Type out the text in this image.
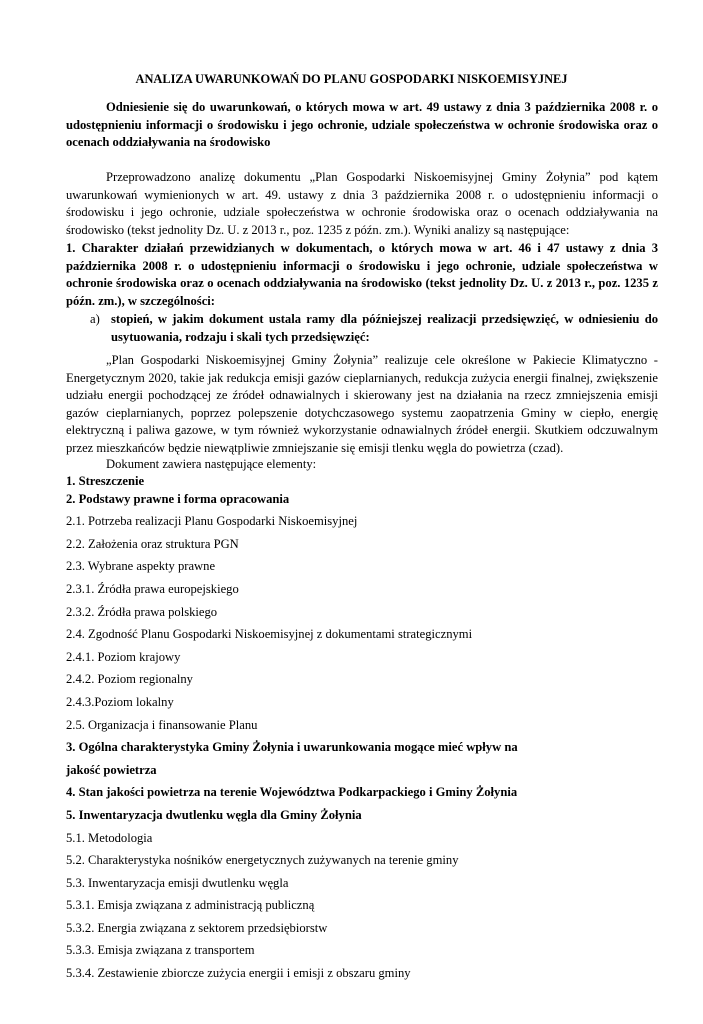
ANALIZA UWARUNKOWAŃ DO PLANU GOSPODARKI NISKOEMISYJNEJ

Odniesienie się do uwarunkowań, o których mowa w art. 49 ustawy z dnia 3 października 2008 r. o udostępnieniu informacji o środowisku i jego ochronie, udziale społeczeństwa w ochronie środowiska oraz o ocenach oddziaływania na środowisko

Przeprowadzono analizę dokumentu „Plan Gospodarki Niskoemisyjnej Gminy Żołynia” pod kątem uwarunkowań wymienionych w art. 49. ustawy z dnia 3 października 2008 r. o udostępnieniu informacji o środowisku i jego ochronie, udziale społeczeństwa w ochronie środowiska oraz o ocenach oddziaływania na środowisko (tekst jednolity Dz. U. z 2013 r., poz. 1235 z późn. zm.). Wyniki analizy są następujące:

1. Charakter działań przewidzianych w dokumentach, o których mowa w art. 46 i 47 ustawy z dnia 3 października 2008 r. o udostępnieniu informacji o środowisku i jego ochronie, udziale społeczeństwa w ochronie środowiska oraz o ocenach oddziaływania na środowisko (tekst jednolity Dz. U. z 2013 r., poz. 1235 z późn. zm.), w szczególności:

a) stopień, w jakim dokument ustala ramy dla późniejszej realizacji przedsięwzięć, w odniesieniu do usytuowania, rodzaju i skali tych przedsięwzięć:

„Plan Gospodarki Niskoemisyjnej Gminy Żołynia” realizuje cele określone w Pakiecie Klimatyczno - Energetycznym 2020, takie jak redukcja emisji gazów cieplarnianych, redukcja zużycia energii finalnej, zwiększenie udziału energii pochodzącej ze źródeł odnawialnych i skierowany jest na działania na rzecz zmniejszenia emisji gazów cieplarnianych, poprzez polepszenie dotychczasowego systemu zaopatrzenia Gminy w ciepło, energię elektryczną i paliwa gazowe, w tym również wykorzystanie odnawialnych źródeł energii. Skutkiem odczuwalnym przez mieszkańców będzie niewątpliwie zmniejszanie się emisji tlenku węgla do powietrza (czad).

Dokument zawiera następujące elementy:

1. Streszczenie
2. Podstawy prawne i forma opracowania
2.1. Potrzeba realizacji Planu Gospodarki Niskoemisyjnej
2.2. Założenia oraz struktura PGN
2.3. Wybrane aspekty prawne
2.3.1. Źródła prawa europejskiego
2.3.2. Źródła prawa polskiego
2.4. Zgodność Planu Gospodarki Niskoemisyjnej z dokumentami strategicznymi
2.4.1. Poziom krajowy
2.4.2. Poziom regionalny
2.4.3.Poziom lokalny
2.5. Organizacja i finansowanie Planu
3. Ogólna charakterystyka Gminy Żołynia i uwarunkowania mogące mieć wpływ na
jakość powietrza
4. Stan jakości powietrza na terenie Województwa Podkarpackiego i Gminy Żołynia
5. Inwentaryzacja dwutlenku węgla dla Gminy Żołynia
5.1. Metodologia
5.2. Charakterystyka nośników energetycznych zużywanych na terenie gminy
5.3. Inwentaryzacja emisji dwutlenku węgla
5.3.1. Emisja związana z administracją publiczną
5.3.2. Energia związana z sektorem przedsiębiorstw
5.3.3. Emisja związana z transportem
5.3.4. Zestawienie zbiorcze zużycia energii i emisji z obszaru gminy
